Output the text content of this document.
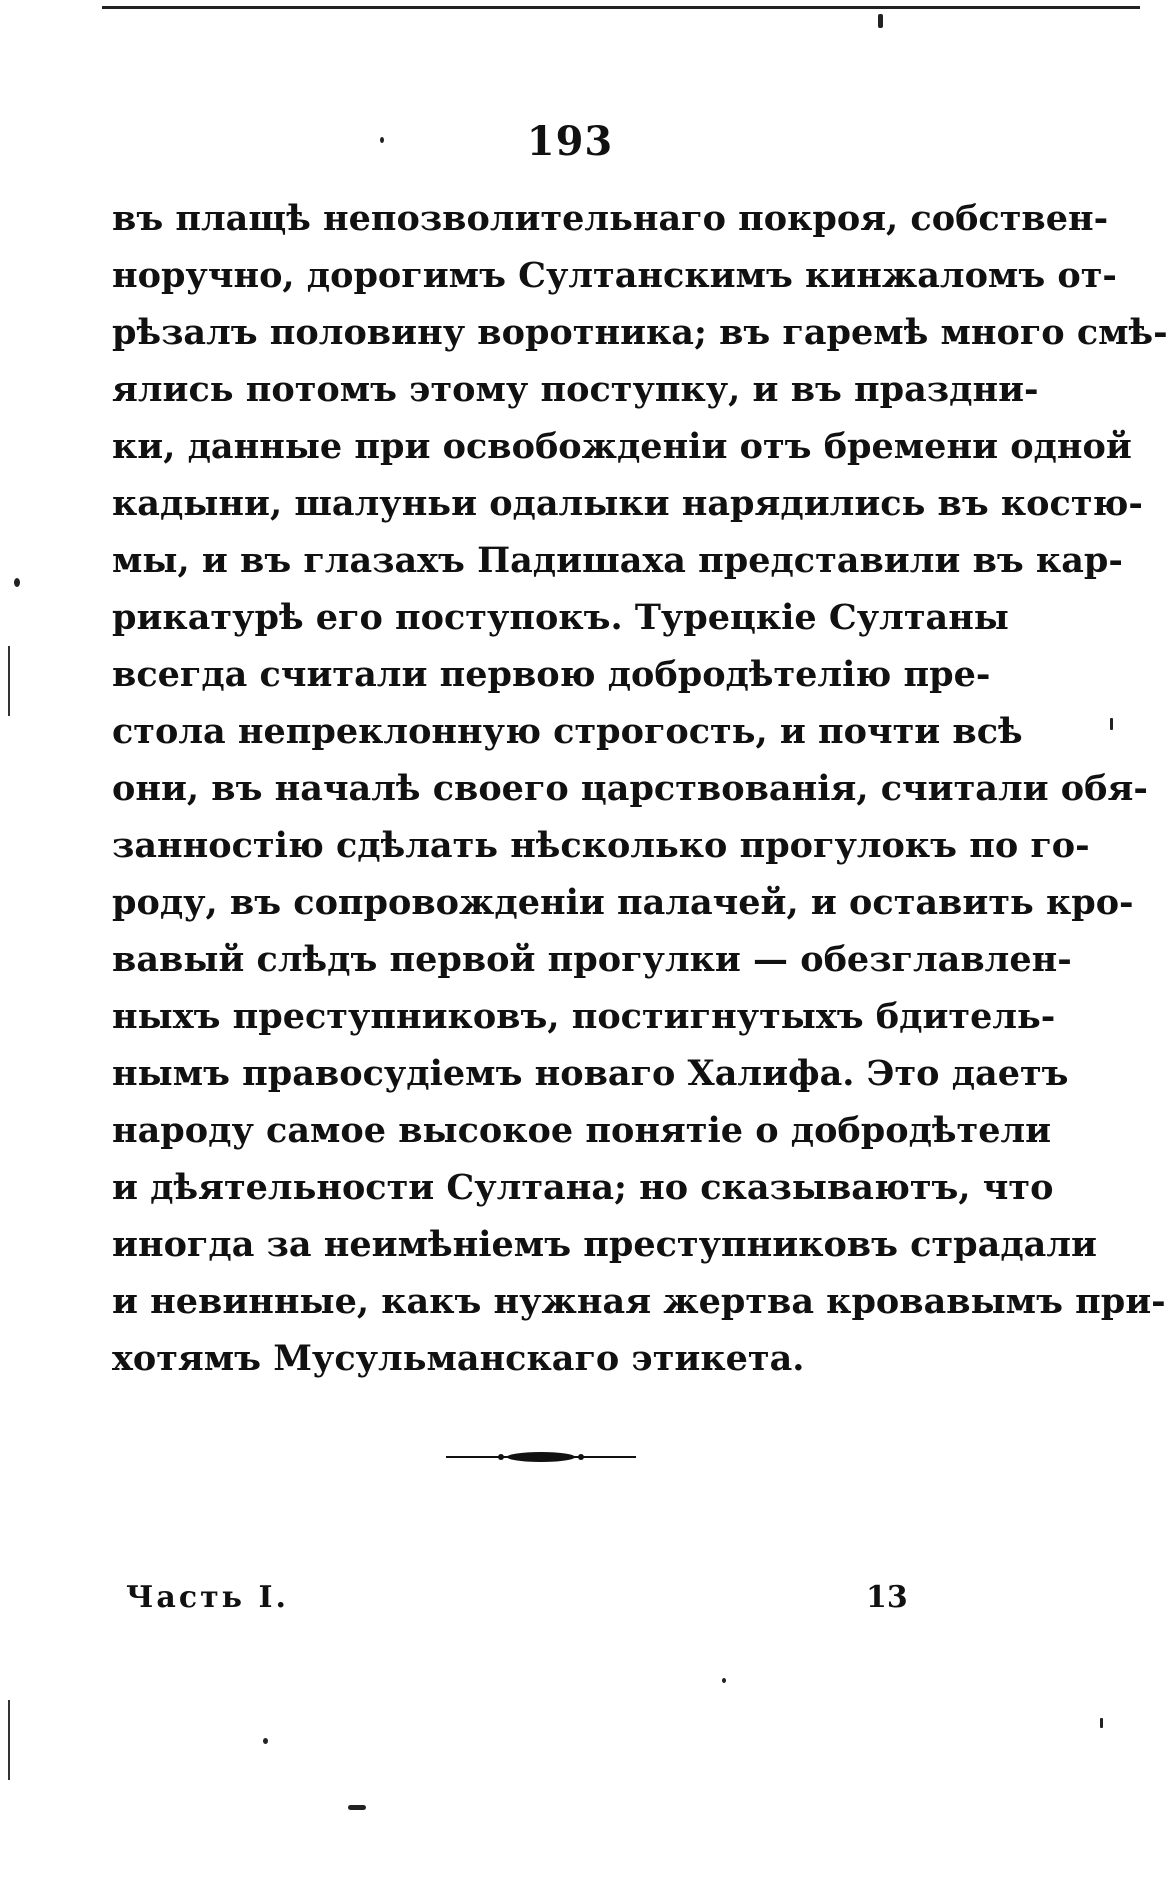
193
въ плащѣ непозволительнаго покроя, собствен-
норучно, дорогимъ Султанскимъ кинжаломъ от-
рѣзалъ половину воротника; въ гаремѣ много смѣ-
ялись потомъ этому поступку, и въ праздни-
ки, данные при освобожденіи отъ бремени одной
кадыни, шалуньи одалыки нарядились въ костю-
мы, и въ глазахъ Падишаха представили въ кар-
рикатурѣ его поступокъ. Турецкіе Султаны
всегда считали первою добродѣтелію пре-
стола непреклонную строгость, и почти всѣ
они, въ началѣ своего царствованія, считали обя-
занностію сдѣлать нѣсколько прогулокъ по го-
роду, въ сопровожденіи палачей, и оставить кро-
вавый слѣдъ первой прогулки — обезглавлен-
ныхъ преступниковъ, постигнутыхъ бдитель-
нымъ правосудіемъ новаго Халифа. Это даетъ
народу самое высокое понятіе о добродѣтели
и дѣятельности Султана; но сказываютъ, что
иногда за неимѣніемъ преступниковъ страдали
и невинные, какъ нужная жертва кровавымъ при-
хотямъ Мусульманскаго этикета.
Часть I.	13
